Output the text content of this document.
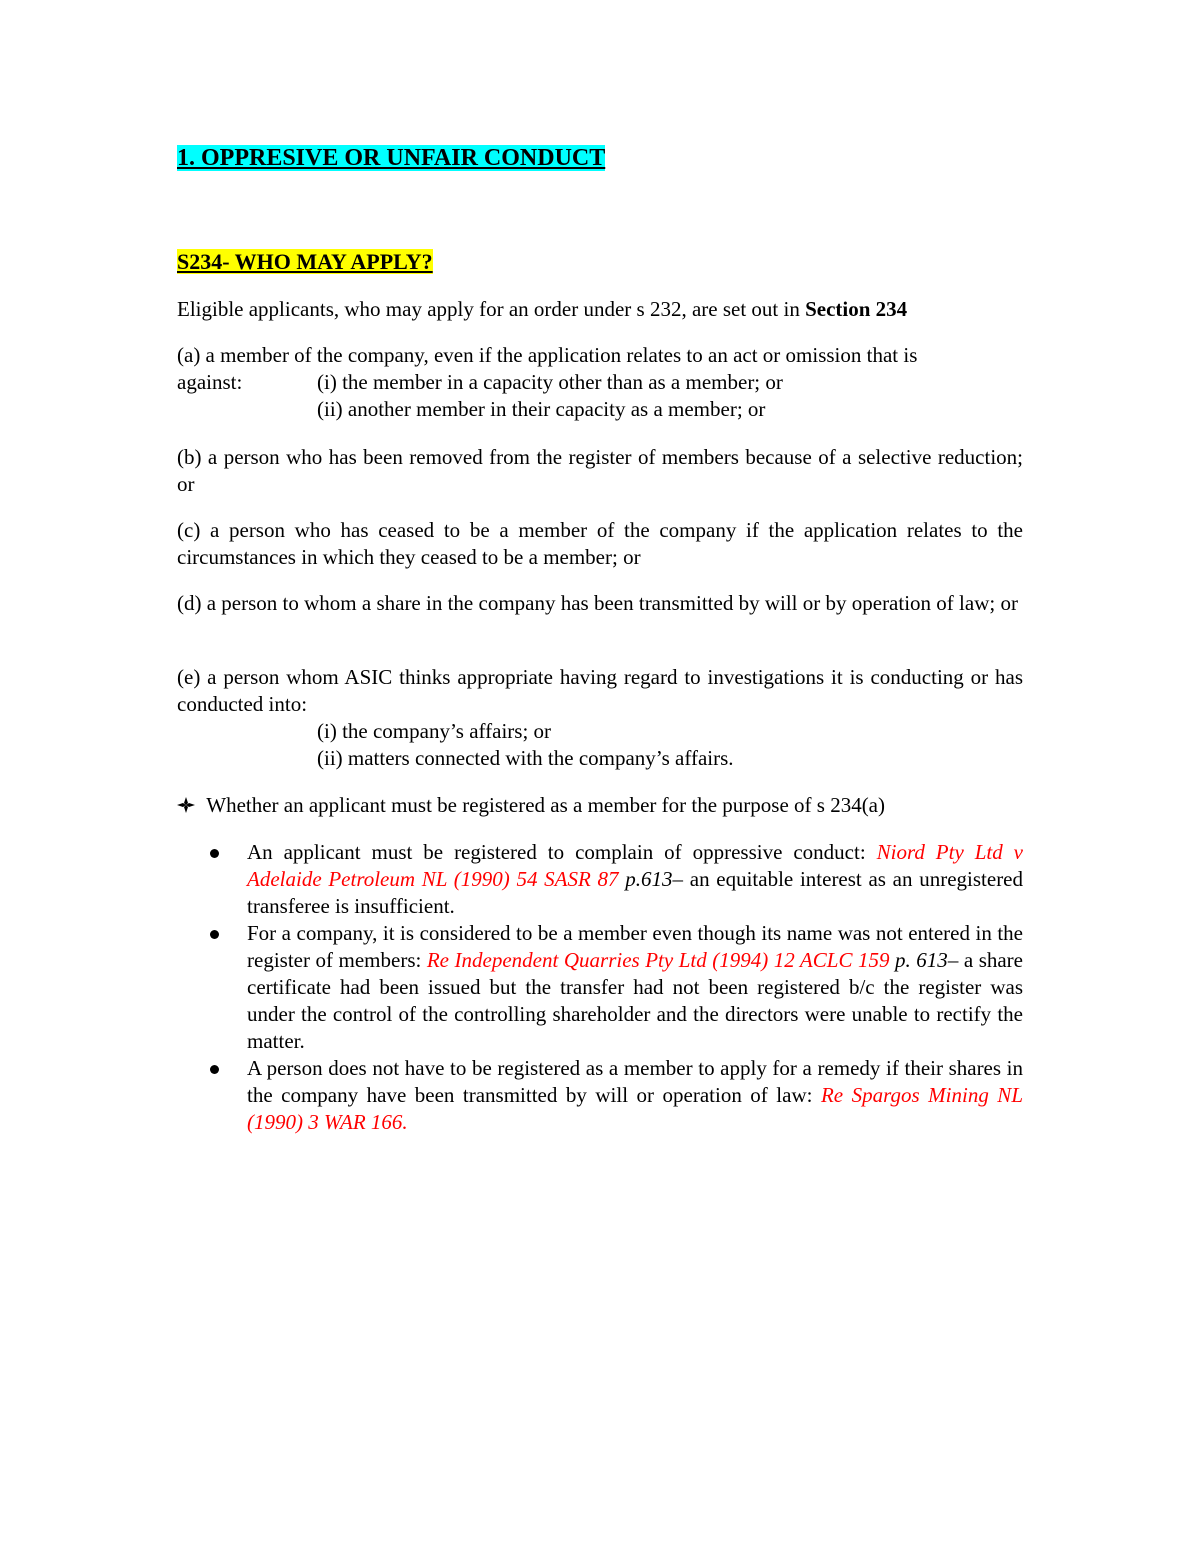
1. OPPRESIVE OR UNFAIR CONDUCT
S234- WHO MAY APPLY?
Eligible applicants, who may apply for an order under s 232, are set out in Section 234
(a) a member of the company, even if the application relates to an act or omission that is
against:	(i) the member in a capacity other than as a member; or
(ii) another member in their capacity as a member; or
(b) a person who has been removed from the register of members because of a selective reduction; or
(c) a person who has ceased to be a member of the company if the application relates to the circumstances in which they ceased to be a member; or
(d) a person to whom a share in the company has been transmitted by will or by operation of law; or
(e) a person whom ASIC thinks appropriate having regard to investigations it is conducting or has conducted into:
(i) the company’s affairs; or
(ii) matters connected with the company’s affairs.
Whether an applicant must be registered as a member for the purpose of s 234(a)
An applicant must be registered to complain of oppressive conduct: Niord Pty Ltd v Adelaide Petroleum NL (1990) 54 SASR 87 p.613– an equitable interest as an unregistered transferee is insufficient.
For a company, it is considered to be a member even though its name was not entered in the register of members: Re Independent Quarries Pty Ltd (1994) 12 ACLC 159 p. 613– a share certificate had been issued but the transfer had not been registered b/c the register was under the control of the controlling shareholder and the directors were unable to rectify the matter.
A person does not have to be registered as a member to apply for a remedy if their shares in the company have been transmitted by will or operation of law: Re Spargos Mining NL (1990) 3 WAR 166.
